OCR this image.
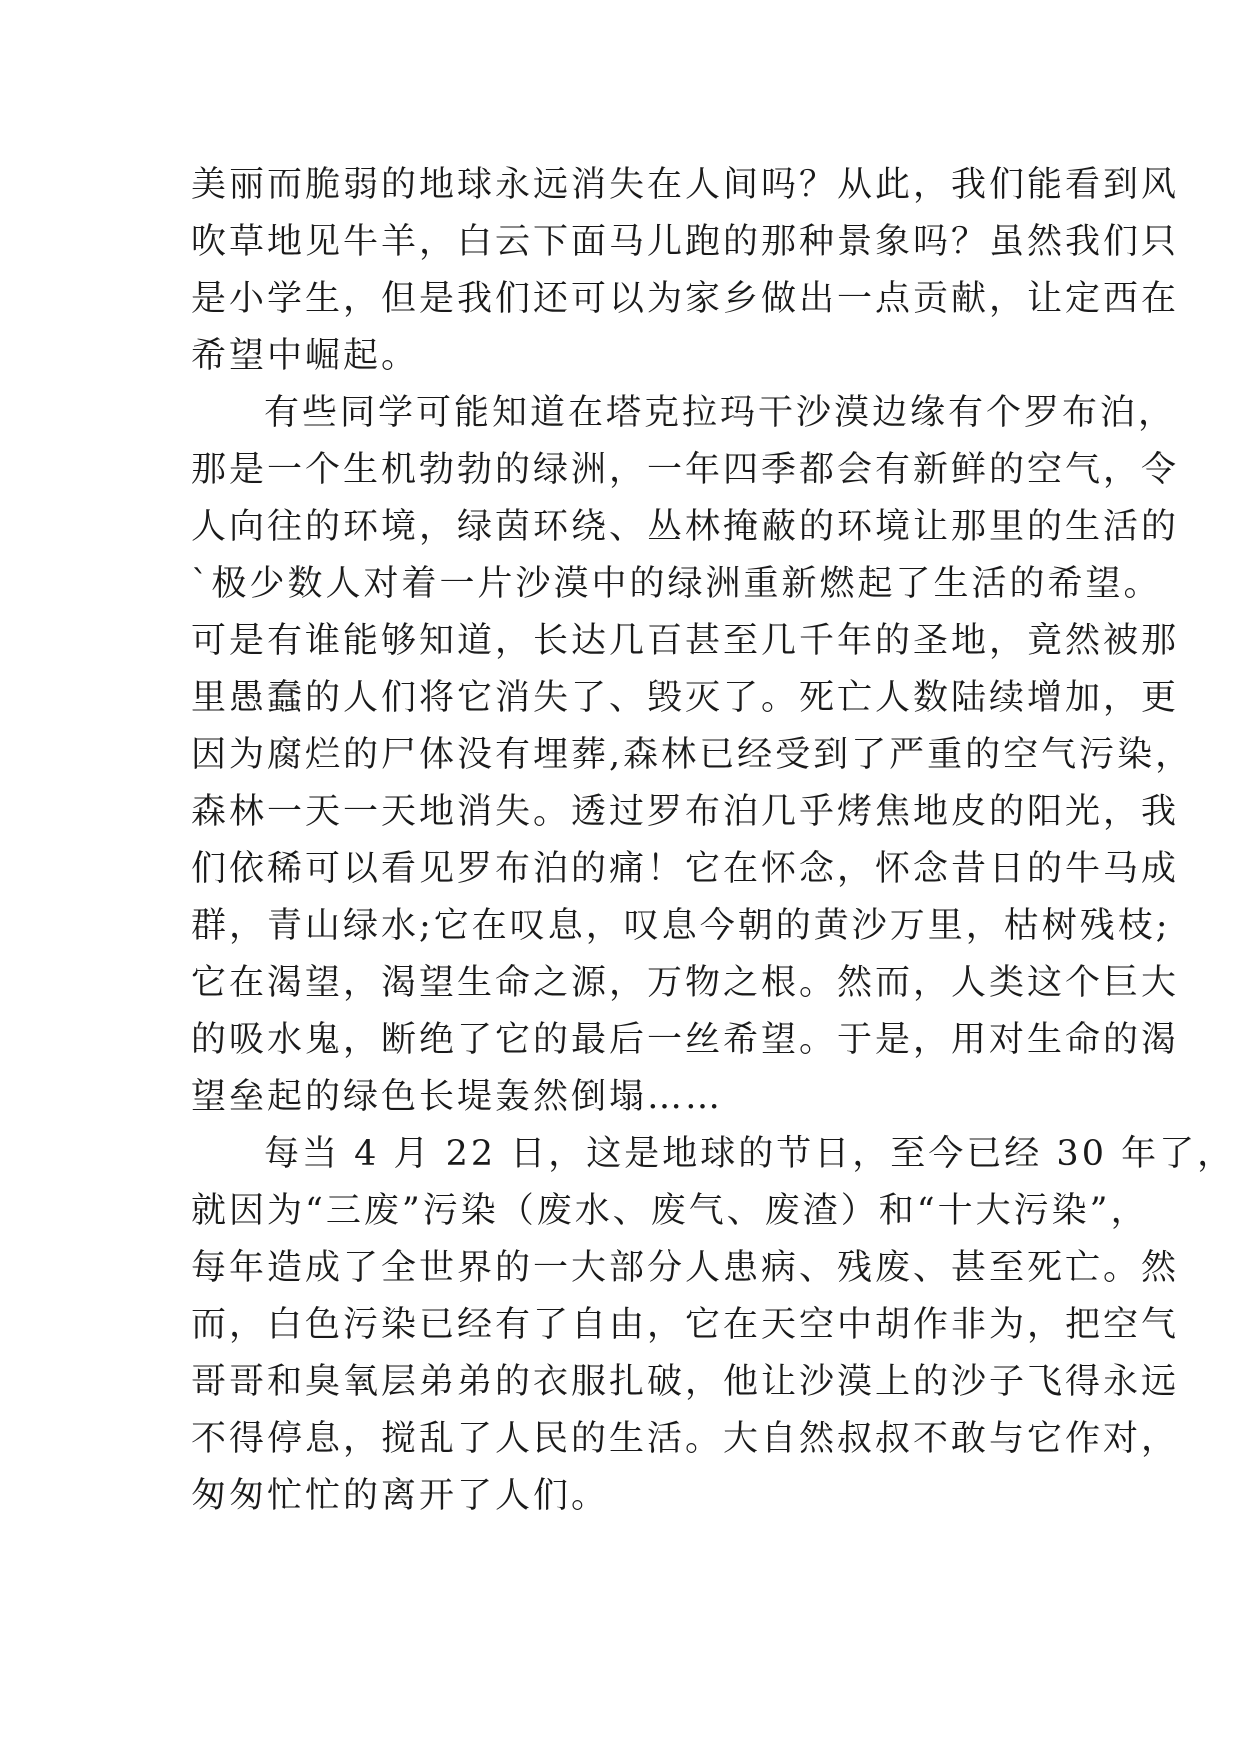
美丽而脆弱的地球永远消失在人间吗？从此，我们能看到风
吹草地见牛羊，白云下面马儿跑的那种景象吗？虽然我们只
是小学生，但是我们还可以为家乡做出一点贡献，让定西在
希望中崛起。
有些同学可能知道在塔克拉玛干沙漠边缘有个罗布泊，
那是一个生机勃勃的绿洲，一年四季都会有新鲜的空气，令
人向往的环境，绿茵环绕、丛林掩蔽的环境让那里的生活的
`极少数人对着一片沙漠中的绿洲重新燃起了生活的希望。
可是有谁能够知道，长达几百甚至几千年的圣地，竟然被那
里愚蠢的人们将它消失了、毁灭了。死亡人数陆续增加，更
因为腐烂的尸体没有埋葬,森林已经受到了严重的空气污染，
森林一天一天地消失。透过罗布泊几乎烤焦地皮的阳光，我
们依稀可以看见罗布泊的痛！它在怀念，怀念昔日的牛马成
群，青山绿水;它在叹息，叹息今朝的黄沙万里，枯树残枝;
它在渴望，渴望生命之源，万物之根。然而，人类这个巨大
的吸水鬼，断绝了它的最后一丝希望。于是，用对生命的渴
望垒起的绿色长堤轰然倒塌……
每当 4 月 22 日，这是地球的节日，至今已经 30 年了，
就因为“三废”污染（废水、废气、废渣）和“十大污染”，
每年造成了全世界的一大部分人患病、残废、甚至死亡。然
而，白色污染已经有了自由，它在天空中胡作非为，把空气
哥哥和臭氧层弟弟的衣服扎破，他让沙漠上的沙子飞得永远
不得停息，搅乱了人民的生活。大自然叔叔不敢与它作对，
匆匆忙忙的离开了人们。
